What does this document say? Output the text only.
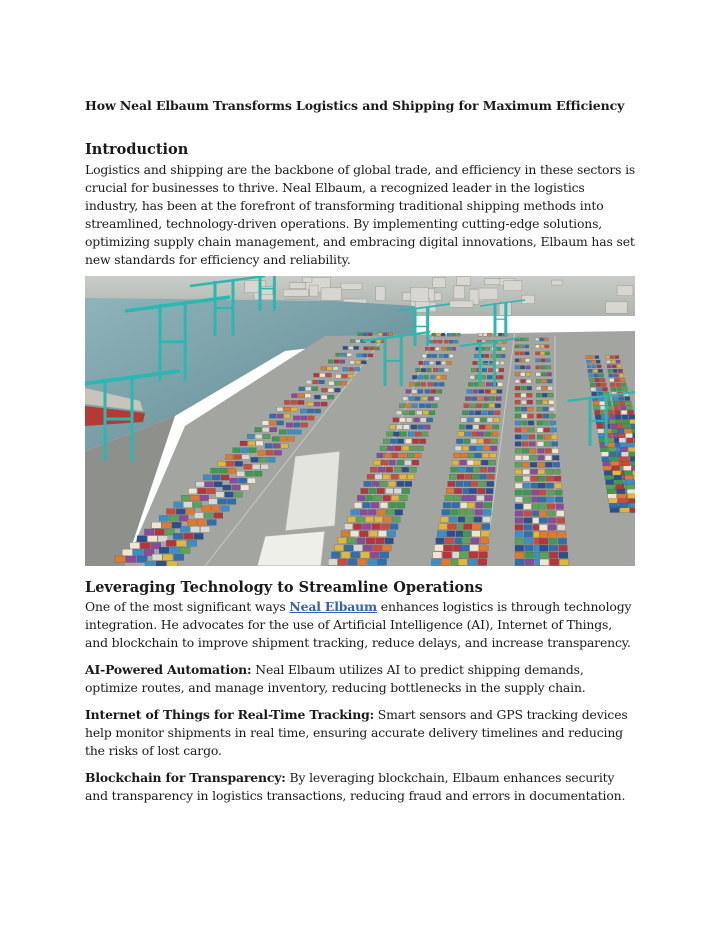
How Neal Elbaum Transforms Logistics and Shipping for Maximum Efficiency
Introduction

Logistics and shipping are the backbone of global trade, and efficiency in these sectors is crucial for businesses to thrive. Neal Elbaum, a recognized leader in the logistics industry, has been at the forefront of transforming traditional shipping methods into streamlined, technology-driven operations. By implementing cutting-edge solutions, optimizing supply chain management, and embracing digital innovations, Elbaum has set new standards for efficiency and reliability.

Leveraging Technology to Streamline Operations

One of the most significant ways Neal Elbaum enhances logistics is through technology integration. He advocates for the use of Artificial Intelligence (AI), Internet of Things, and blockchain to improve shipment tracking, reduce delays, and increase transparency.

AI-Powered Automation: Neal Elbaum utilizes AI to predict shipping demands, optimize routes, and manage inventory, reducing bottlenecks in the supply chain.

Internet of Things for Real-Time Tracking: Smart sensors and GPS tracking devices help monitor shipments in real time, ensuring accurate delivery timelines and reducing the risks of lost cargo.

Blockchain for Transparency: By leveraging blockchain, Elbaum enhances security and transparency in logistics transactions, reducing fraud and errors in documentation.
